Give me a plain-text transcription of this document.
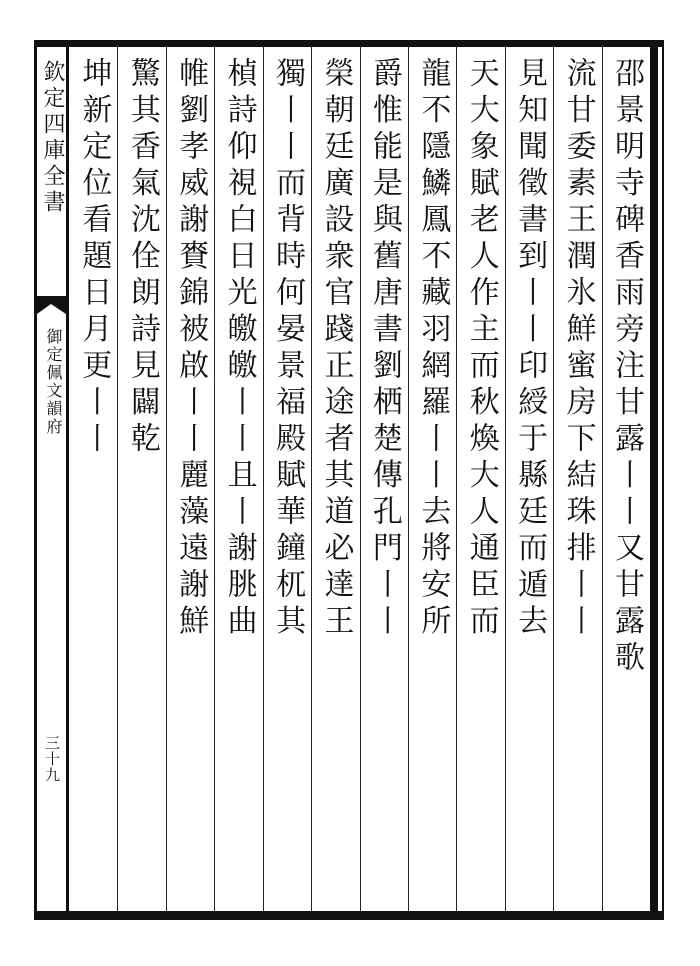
欽定四庫全書
御定佩文韻府
三十九
邵景明寺碑香雨旁注甘露丨丨又甘露歌
流甘委素王潤氷鮮蜜房下結珠排丨丨
見知聞徵書到丨丨印綬于縣廷而遁去
天大象賦老人作主而秋煥大人通臣而
龍不隱鱗鳳不藏羽網羅丨丨去將安所
爵惟能是與舊唐書劉栖楚傳孔門丨丨
榮朝廷廣設衆官踐正途者其道必達王
獨丨丨而背時何晏景福殿賦華鐘杌其
楨詩仰視白日光皦皦丨丨且丨謝朓曲
帷劉孝威謝賚錦被啟丨丨麗藻遠謝鮮
驚其香氣沈佺朗詩見闢乾
坤新定位看題日月更丨丨
